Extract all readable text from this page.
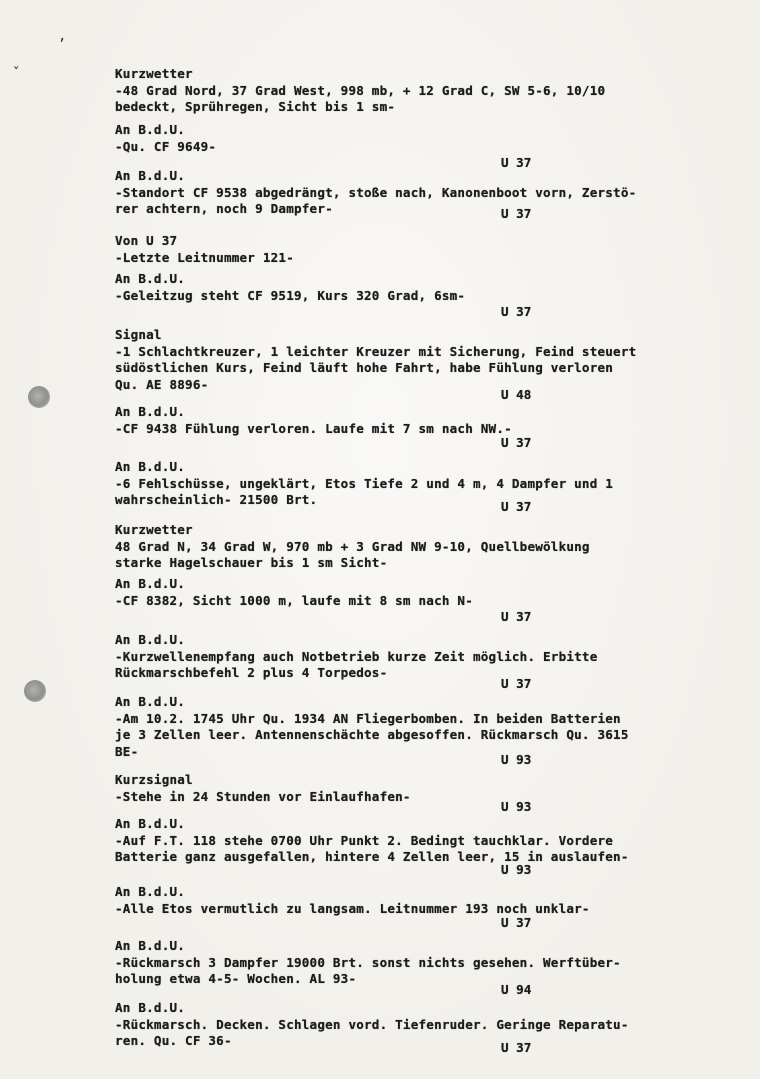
,
ˇ	Kurzwetter
-48 Grad Nord, 37 Grad West, 998 mb, + 12 Grad C, SW 5-6, 10/10
bedeckt, Sprühregen, Sicht bis 1 sm-
An B.d.U.
-Qu. CF 9649-
U 37
An B.d.U.
-Standort CF 9538 abgedrängt, stoße nach, Kanonenboot vorn, Zerstö-
rer achtern, noch 9 Dampfer-	U 37
Von U 37
-Letzte Leitnummer 121-
An B.d.U.
-Geleitzug steht CF 9519, Kurs 320 Grad, 6sm-
U 37
Signal
-1 Schlachtkreuzer, 1 leichter Kreuzer mit Sicherung, Feind steuert
südöstlichen Kurs, Feind läuft hohe Fahrt, habe Fühlung verloren
Qu. AE 8896-
U 48
An B.d.U.
-CF 9438 Fühlung verloren. Laufe mit 7 sm nach NW.-
U 37
An B.d.U.
-6 Fehlschüsse, ungeklärt, Etos Tiefe 2 und 4 m, 4 Dampfer und 1
wahrscheinlich- 21500 Brt.	U 37
Kurzwetter
48 Grad N, 34 Grad W, 970 mb + 3 Grad NW 9-10, Quellbewölkung
starke Hagelschauer bis 1 sm Sicht-
An B.d.U.
-CF 8382, Sicht 1000 m, laufe mit 8 sm nach N-
U 37
An B.d.U.
-Kurzwellenempfang auch Notbetrieb kurze Zeit möglich. Erbitte
Rückmarschbefehl 2 plus 4 Torpedos-
U 37
An B.d.U.
-Am 10.2. 1745 Uhr Qu. 1934 AN Fliegerbomben. In beiden Batterien
je 3 Zellen leer. Antennenschächte abgesoffen. Rückmarsch Qu. 3615
BE-
U 93
Kurzsignal
-Stehe in 24 Stunden vor Einlaufhafen-
U 93
An B.d.U.
-Auf F.T. 118 stehe 0700 Uhr Punkt 2. Bedingt tauchklar. Vordere
Batterie ganz ausgefallen, hintere 4 Zellen leer, 15 in auslaufen-
U 93
An B.d.U.
-Alle Etos vermutlich zu langsam. Leitnummer 193 noch unklar-
U 37
An B.d.U.
-Rückmarsch 3 Dampfer 19000 Brt. sonst nichts gesehen. Werftüber-
holung etwa 4-5- Wochen. AL 93-
U 94
An B.d.U.
-Rückmarsch. Decken. Schlagen vord. Tiefenruder. Geringe Reparatu-
ren. Qu. CF 36-	U 37
